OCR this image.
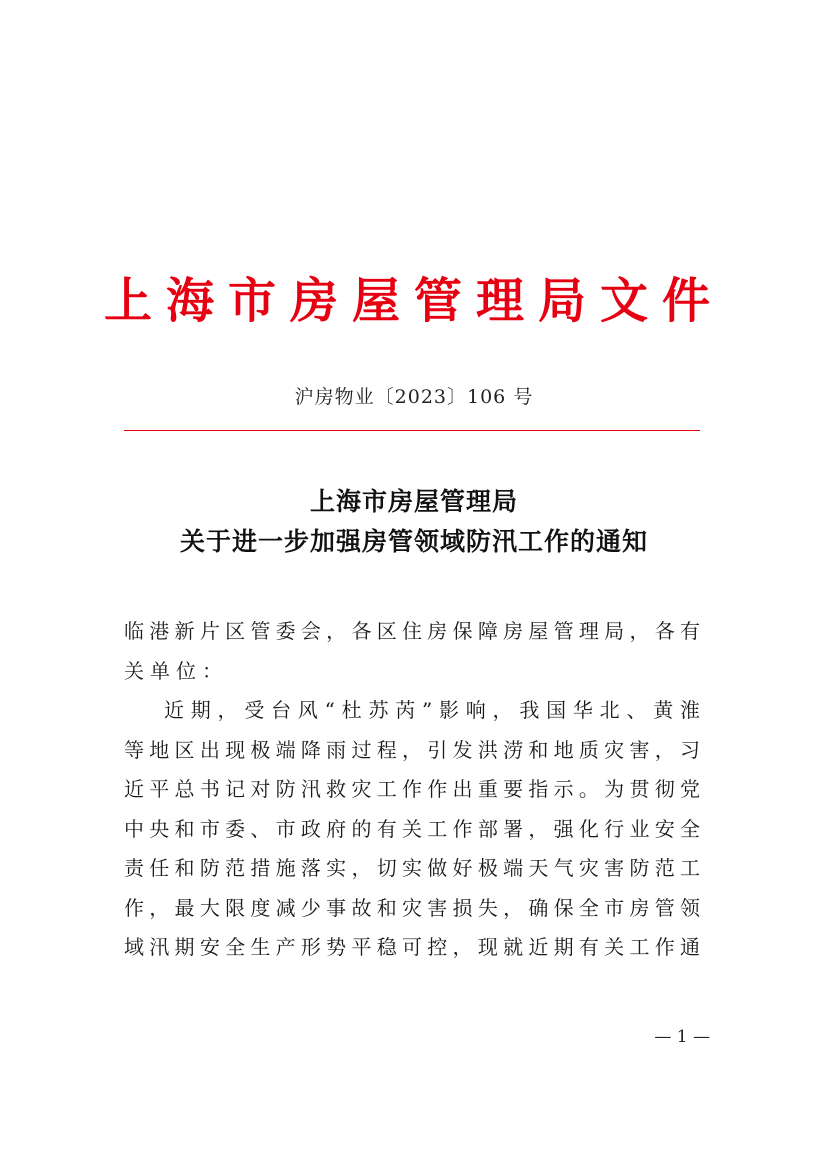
上海市房屋管理局文件
沪房物业〔2023〕106 号
上海市房屋管理局
关于进一步加强房管领域防汛工作的通知
临港新片区管委会，各区住房保障房屋管理局，各有
关单位：
近期，受台风“杜苏芮”影响，我国华北、黄淮
等地区出现极端降雨过程，引发洪涝和地质灾害，习
近平总书记对防汛救灾工作作出重要指示。为贯彻党
中央和市委、市政府的有关工作部署，强化行业安全
责任和防范措施落实，切实做好极端天气灾害防范工
作，最大限度减少事故和灾害损失，确保全市房管领
域汛期安全生产形势平稳可控，现就近期有关工作通
— 1 —
